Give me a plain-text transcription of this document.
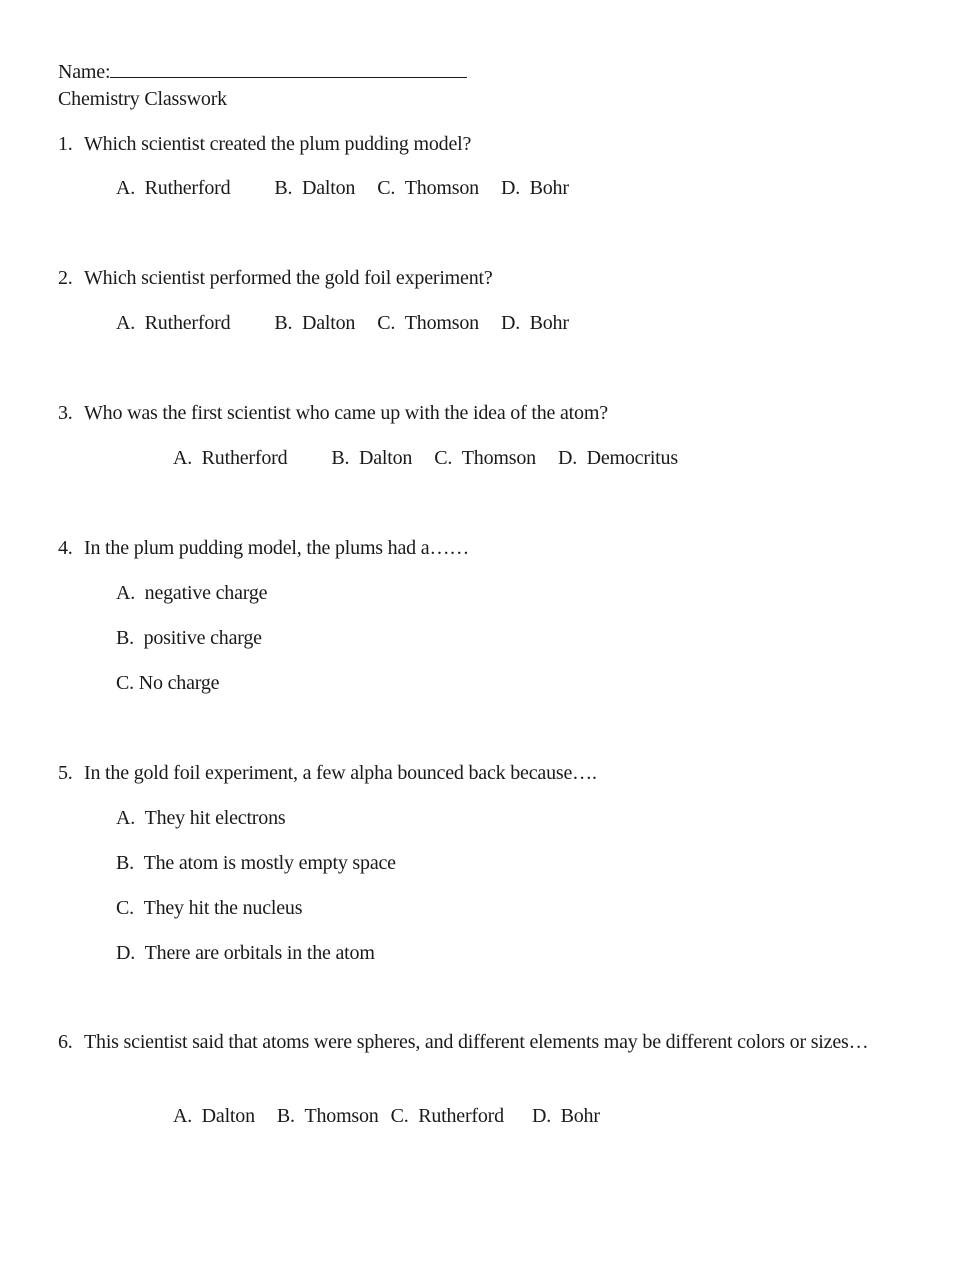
Name:
Chemistry Classwork
1. Which scientist created the plum pudding model?
A. Rutherford B. Dalton C. Thomson D. Bohr
2. Which scientist performed the gold foil experiment?
A. Rutherford B. Dalton C. Thomson D. Bohr
3. Who was the first scientist who came up with the idea of the atom?
A. Rutherford B. Dalton C. Thomson D. Democritus
4. In the plum pudding model, the plums had a……
A. negative charge
B. positive charge
C. No charge
5. In the gold foil experiment, a few alpha bounced back because….
A. They hit electrons
B. The atom is mostly empty space
C. They hit the nucleus
D. There are orbitals in the atom
6. This scientist said that atoms were spheres, and different elements may be different colors or sizes…
A. Dalton B. Thomson C. Rutherford D. Bohr
